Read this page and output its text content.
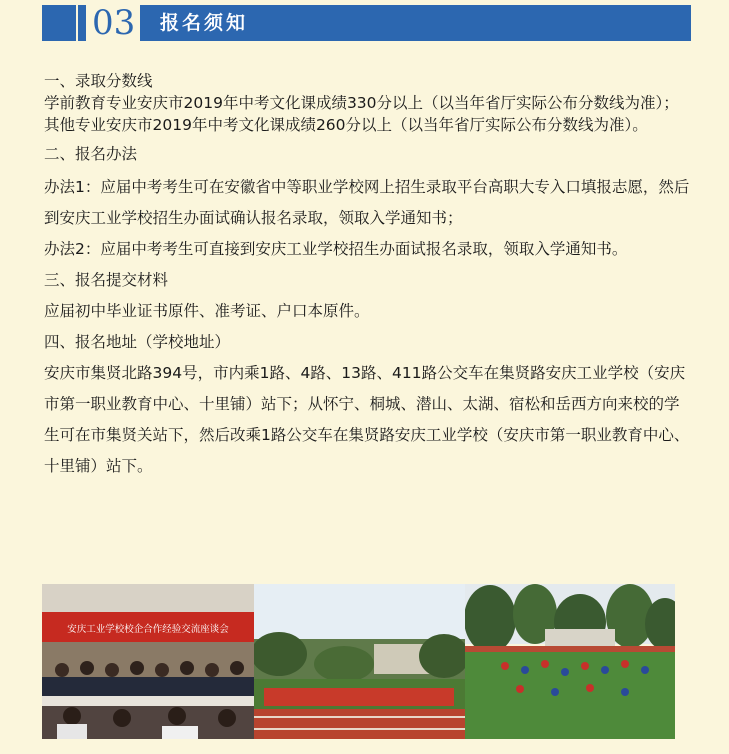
03 报名须知
一、录取分数线
学前教育专业安庆市2019年中考文化课成绩330分以上（以当年省厅实际公布分数线为准）；其他专业安庆市2019年中考文化课成绩260分以上（以当年省厅实际公布分数线为准）。
二、报名办法
办法1：应届中考考生可在安徽省中等职业学校网上招生录取平台高职大专入口填报志愿，然后到安庆工业学校招生办面试确认报名录取，领取入学通知书；
办法2：应届中考考生可直接到安庆工业学校招生办面试报名录取，领取入学通知书。
三、报名提交材料
应届初中毕业证书原件、准考证、户口本原件。
四、报名地址（学校地址）
安庆市集贤北路394号，市内乘1路、4路、13路、411路公交车在集贤路安庆工业学校（安庆市第一职业教育中心、十里铺）站下；从怀宁、桐城、潜山、太湖、宿松和岳西方向来校的学生可在市集贤关站下，然后改乘1路公交车在集贤路安庆工业学校（安庆市第一职业教育中心、十里铺）站下。
安庆工业学校校企合作经验交流座谈会
